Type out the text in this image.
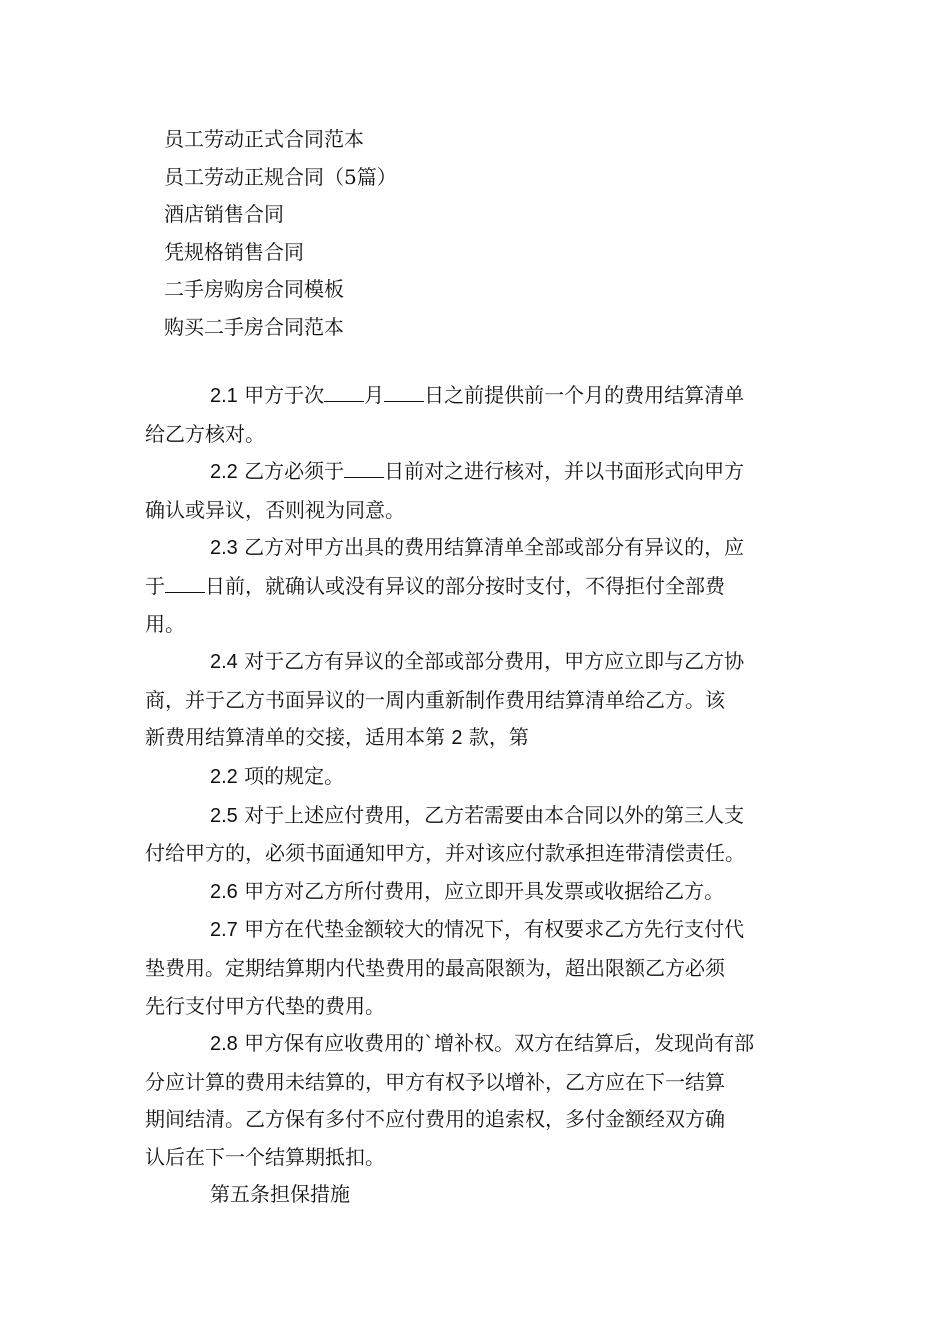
员工劳动正式合同范本
员工劳动正规合同（5篇）
酒店销售合同
凭规格销售合同
二手房购房合同模板
购买二手房合同范本
2.1 甲方于次 月 日之前提供前一个月的费用结算清单
给乙方核对。
2.2 乙方必须于 日前对之进行核对，并以书面形式向甲方
确认或异议，否则视为同意。
2.3 乙方对甲方出具的费用结算清单全部或部分有异议的，应
于 日前，就确认或没有异议的部分按时支付，不得拒付全部费
用。
2.4 对于乙方有异议的全部或部分费用，甲方应立即与乙方协
商，并于乙方书面异议的一周内重新制作费用结算清单给乙方。该
新费用结算清单的交接，适用本第 2 款，第
2.2 项的规定。
2.5 对于上述应付费用，乙方若需要由本合同以外的第三人支
付给甲方的，必须书面通知甲方，并对该应付款承担连带清偿责任。
2.6 甲方对乙方所付费用，应立即开具发票或收据给乙方。
2.7 甲方在代垫金额较大的情况下，有权要求乙方先行支付代
垫费用。定期结算期内代垫费用的最高限额为，超出限额乙方必须
先行支付甲方代垫的费用。
2.8 甲方保有应收费用的`增补权。双方在结算后，发现尚有部
分应计算的费用未结算的，甲方有权予以增补，乙方应在下一结算
期间结清。乙方保有多付不应付费用的追索权，多付金额经双方确
认后在下一个结算期抵扣。
第五条担保措施
